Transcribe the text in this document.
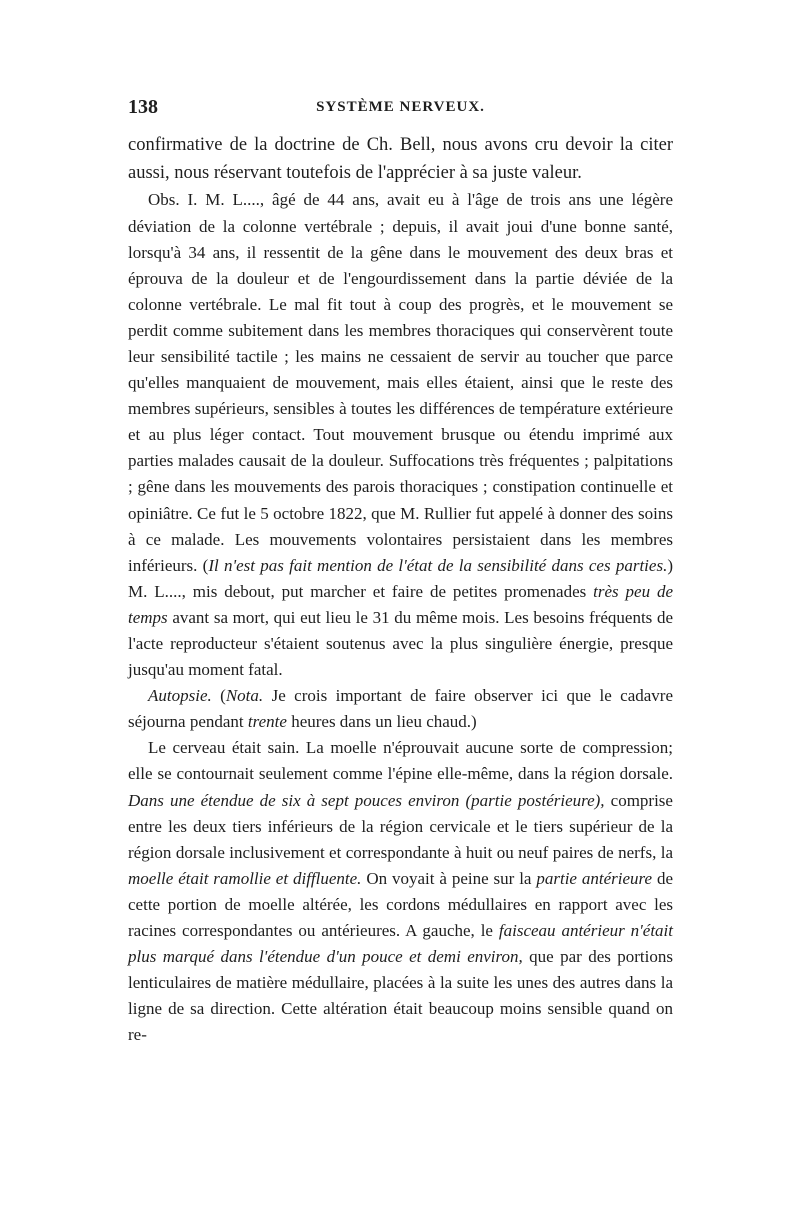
138	SYSTÈME NERVEUX.

confirmative de la doctrine de Ch. Bell, nous avons cru devoir la citer aussi, nous réservant toutefois de l'apprécier à sa juste valeur.

Obs. I. M. L...., âgé de 44 ans, avait eu à l'âge de trois ans une légère déviation de la colonne vertébrale ; depuis, il avait joui d'une bonne santé, lorsqu'à 34 ans, il ressentit de la gêne dans le mouvement des deux bras et éprouva de la douleur et de l'engourdissement dans la partie déviée de la colonne vertébrale. Le mal fit tout à coup des progrès, et le mouvement se perdit comme subitement dans les membres thoraciques qui conservèrent toute leur sensibilité tactile ; les mains ne cessaient de servir au toucher que parce qu'elles manquaient de mouvement, mais elles étaient, ainsi que le reste des membres supérieurs, sensibles à toutes les différences de température extérieure et au plus léger contact. Tout mouvement brusque ou étendu imprimé aux parties malades causait de la douleur. Suffocations très fréquentes ; palpitations ; gêne dans les mouvements des parois thoraciques ; constipation continuelle et opiniâtre. Ce fut le 5 octobre 1822, que M. Rullier fut appelé à donner des soins à ce malade. Les mouvements volontaires persistaient dans les membres inférieurs. (Il n'est pas fait mention de l'état de la sensibilité dans ces parties.) M. L...., mis debout, put marcher et faire de petites promenades très peu de temps avant sa mort, qui eut lieu le 31 du même mois. Les besoins fréquents de l'acte reproducteur s'étaient soutenus avec la plus singulière énergie, presque jusqu'au moment fatal.

Autopsie. (Nota. Je crois important de faire observer ici que le cadavre séjourna pendant trente heures dans un lieu chaud.)

Le cerveau était sain. La moelle n'éprouvait aucune sorte de compression; elle se contournait seulement comme l'épine elle-même, dans la région dorsale. Dans une étendue de six à sept pouces environ (partie postérieure), comprise entre les deux tiers inférieurs de la région cervicale et le tiers supérieur de la région dorsale inclusivement et correspondante à huit ou neuf paires de nerfs, la moelle était ramollie et diffluente. On voyait à peine sur la partie antérieure de cette portion de moelle altérée, les cordons médullaires en rapport avec les racines correspondantes ou antérieures. A gauche, le faisceau antérieur n'était plus marqué dans l'étendue d'un pouce et demi environ, que par des portions lenticulaires de matière médullaire, placées à la suite les unes des autres dans la ligne de sa direction. Cette altération était beaucoup moins sensible quand on re-
